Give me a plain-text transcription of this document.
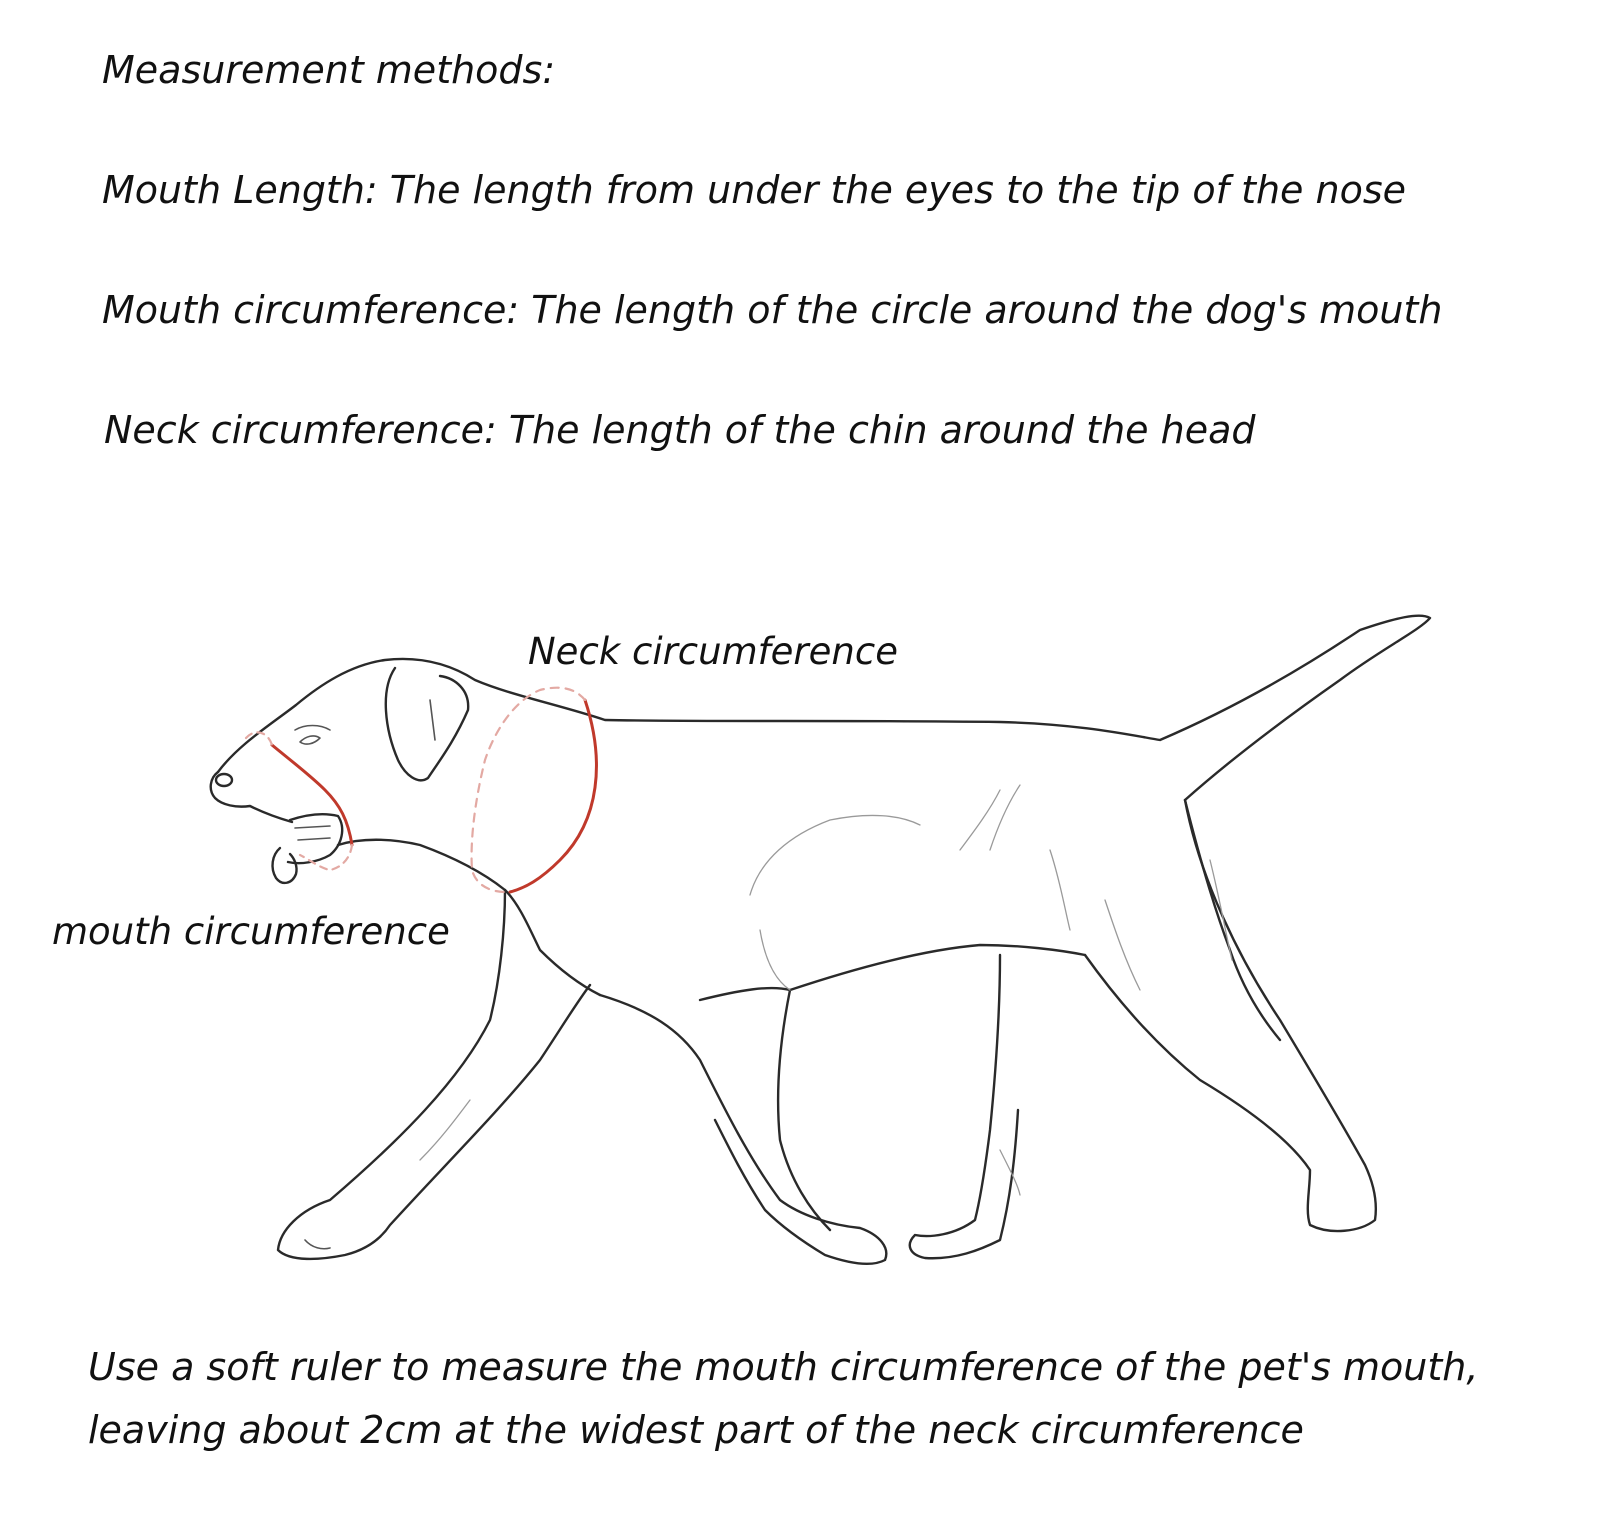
Measurement methods:
Mouth Length: The length from under the eyes to the tip of the nose
Mouth circumference: The length of the circle around the dog's mouth
Neck circumference: The length of the chin around the head
Neck circumference
mouth circumference
Use a soft ruler to measure the mouth circumference of the pet's mouth,
leaving about 2cm at the widest part of the neck circumference
